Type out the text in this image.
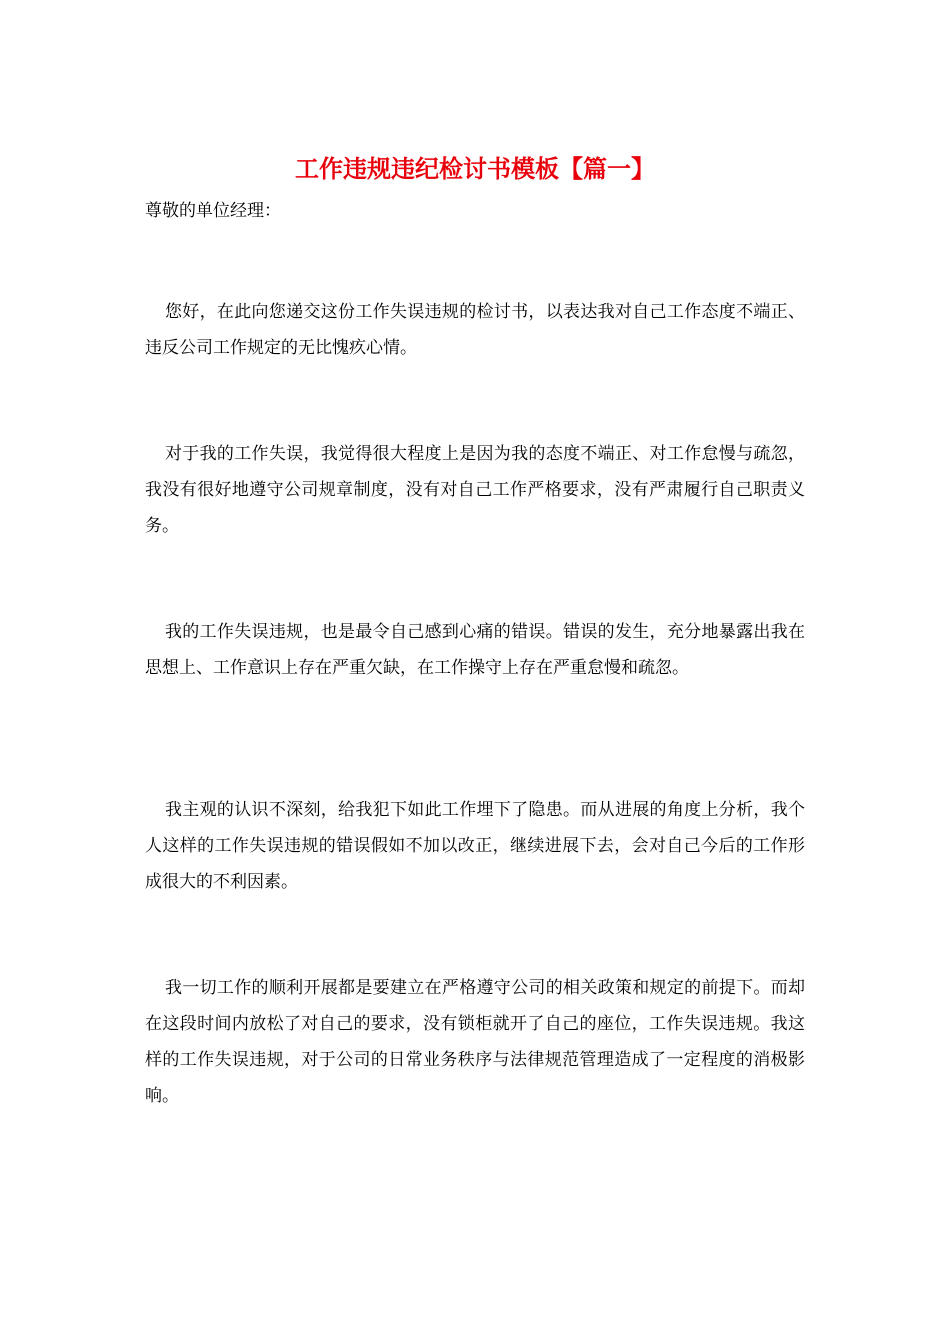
工作违规违纪检讨书模板【篇一】
尊敬的单位经理：

您好，在此向您递交这份工作失误违规的检讨书，以表达我对自己工作态度不端正、违反公司工作规定的无比愧疚心情。

对于我的工作失误，我觉得很大程度上是因为我的态度不端正、对工作怠慢与疏忽，我没有很好地遵守公司规章制度，没有对自己工作严格要求，没有严肃履行自己职责义务。

我的工作失误违规，也是最令自己感到心痛的错误。错误的发生，充分地暴露出我在思想上、工作意识上存在严重欠缺，在工作操守上存在严重怠慢和疏忽。

我主观的认识不深刻，给我犯下如此工作埋下了隐患。而从进展的角度上分析，我个人这样的工作失误违规的错误假如不加以改正，继续进展下去，会对自己今后的工作形成很大的不利因素。

我一切工作的顺利开展都是要建立在严格遵守公司的相关政策和规定的前提下。而却在这段时间内放松了对自己的要求，没有锁柜就开了自己的座位，工作失误违规。我这样的工作失误违规，对于公司的日常业务秩序与法律规范管理造成了一定程度的消极影响。
